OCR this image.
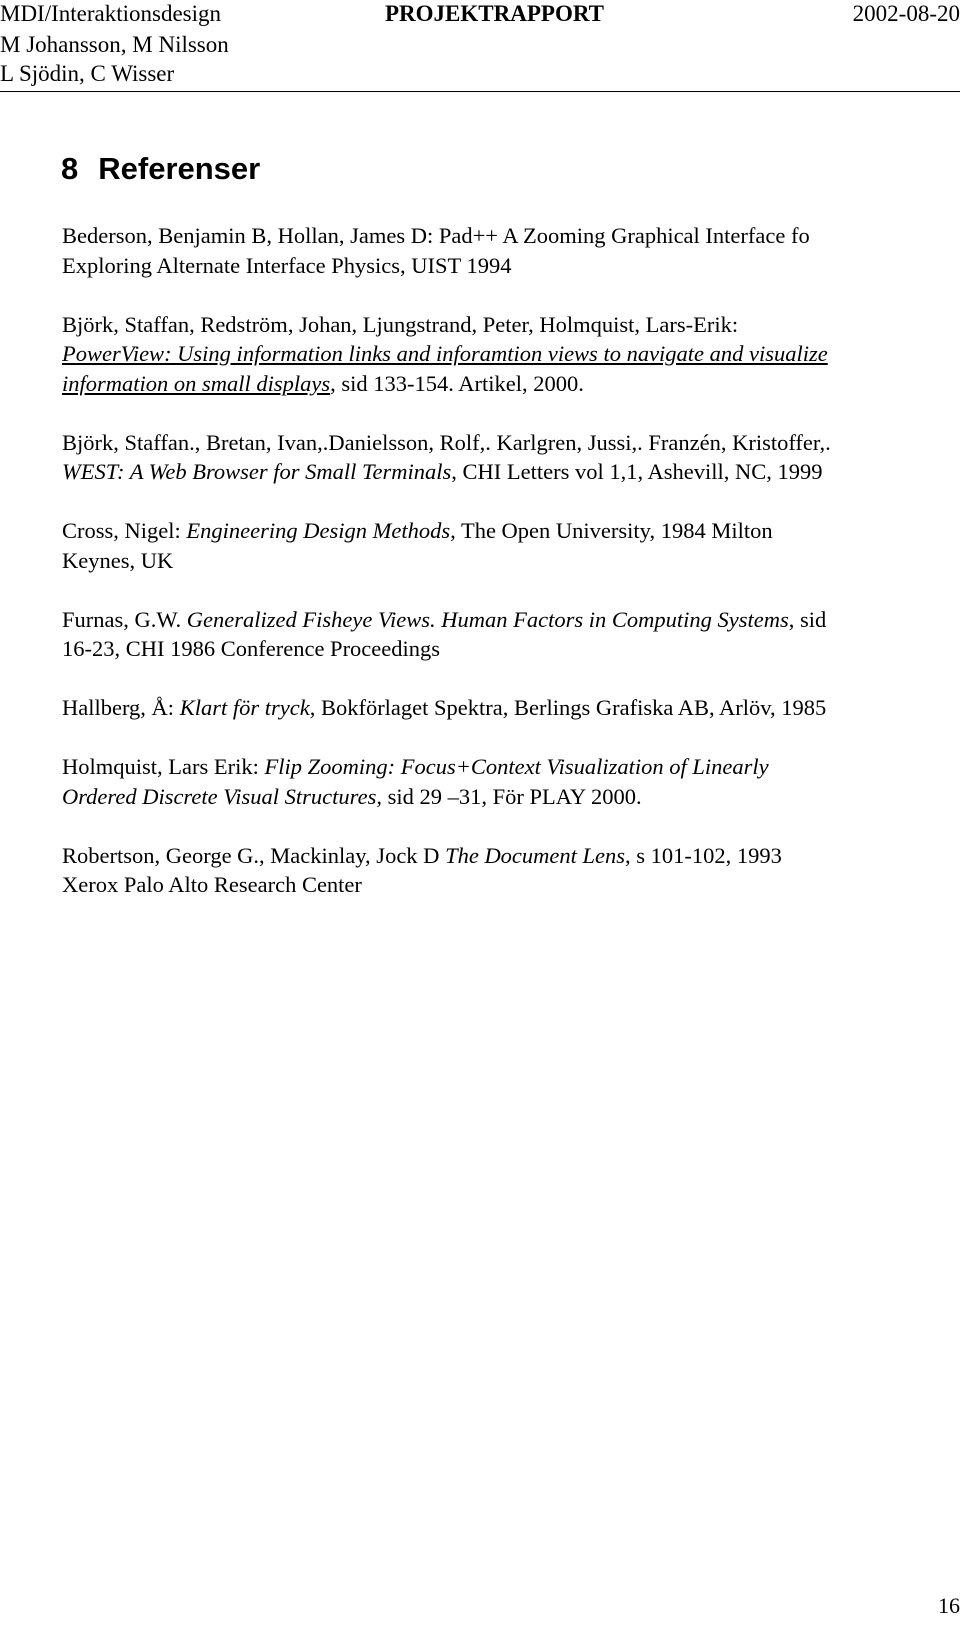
MDI/Interaktionsdesign
M Johansson, M Nilsson
L Sjödin, C Wisser
PROJEKTRAPPORT	2002-08-20
8 Referenser
Bederson, Benjamin B, Hollan, James D: Pad++ A Zooming Graphical Interface fo
Exploring Alternate Interface Physics, UIST 1994
Björk, Staffan, Redström, Johan, Ljungstrand, Peter, Holmquist, Lars-Erik:
PowerView: Using information links and inforamtion views to navigate and visualize
information on small displays, sid 133-154. Artikel, 2000.
Björk, Staffan., Bretan, Ivan,.Danielsson, Rolf,. Karlgren, Jussi,. Franzén, Kristoffer,.
WEST: A Web Browser for Small Terminals, CHI Letters vol 1,1, Ashevill, NC, 1999
Cross, Nigel: Engineering Design Methods, The Open University, 1984 Milton
Keynes, UK
Furnas, G.W. Generalized Fisheye Views. Human Factors in Computing Systems, sid
16-23, CHI 1986 Conference Proceedings
Hallberg, Å: Klart för tryck, Bokförlaget Spektra, Berlings Grafiska AB, Arlöv, 1985
Holmquist, Lars Erik: Flip Zooming: Focus+Context Visualization of Linearly
Ordered Discrete Visual Structures, sid 29 –31, För PLAY 2000.
Robertson, George G., Mackinlay, Jock D The Document Lens, s 101-102, 1993
Xerox Palo Alto Research Center
16
